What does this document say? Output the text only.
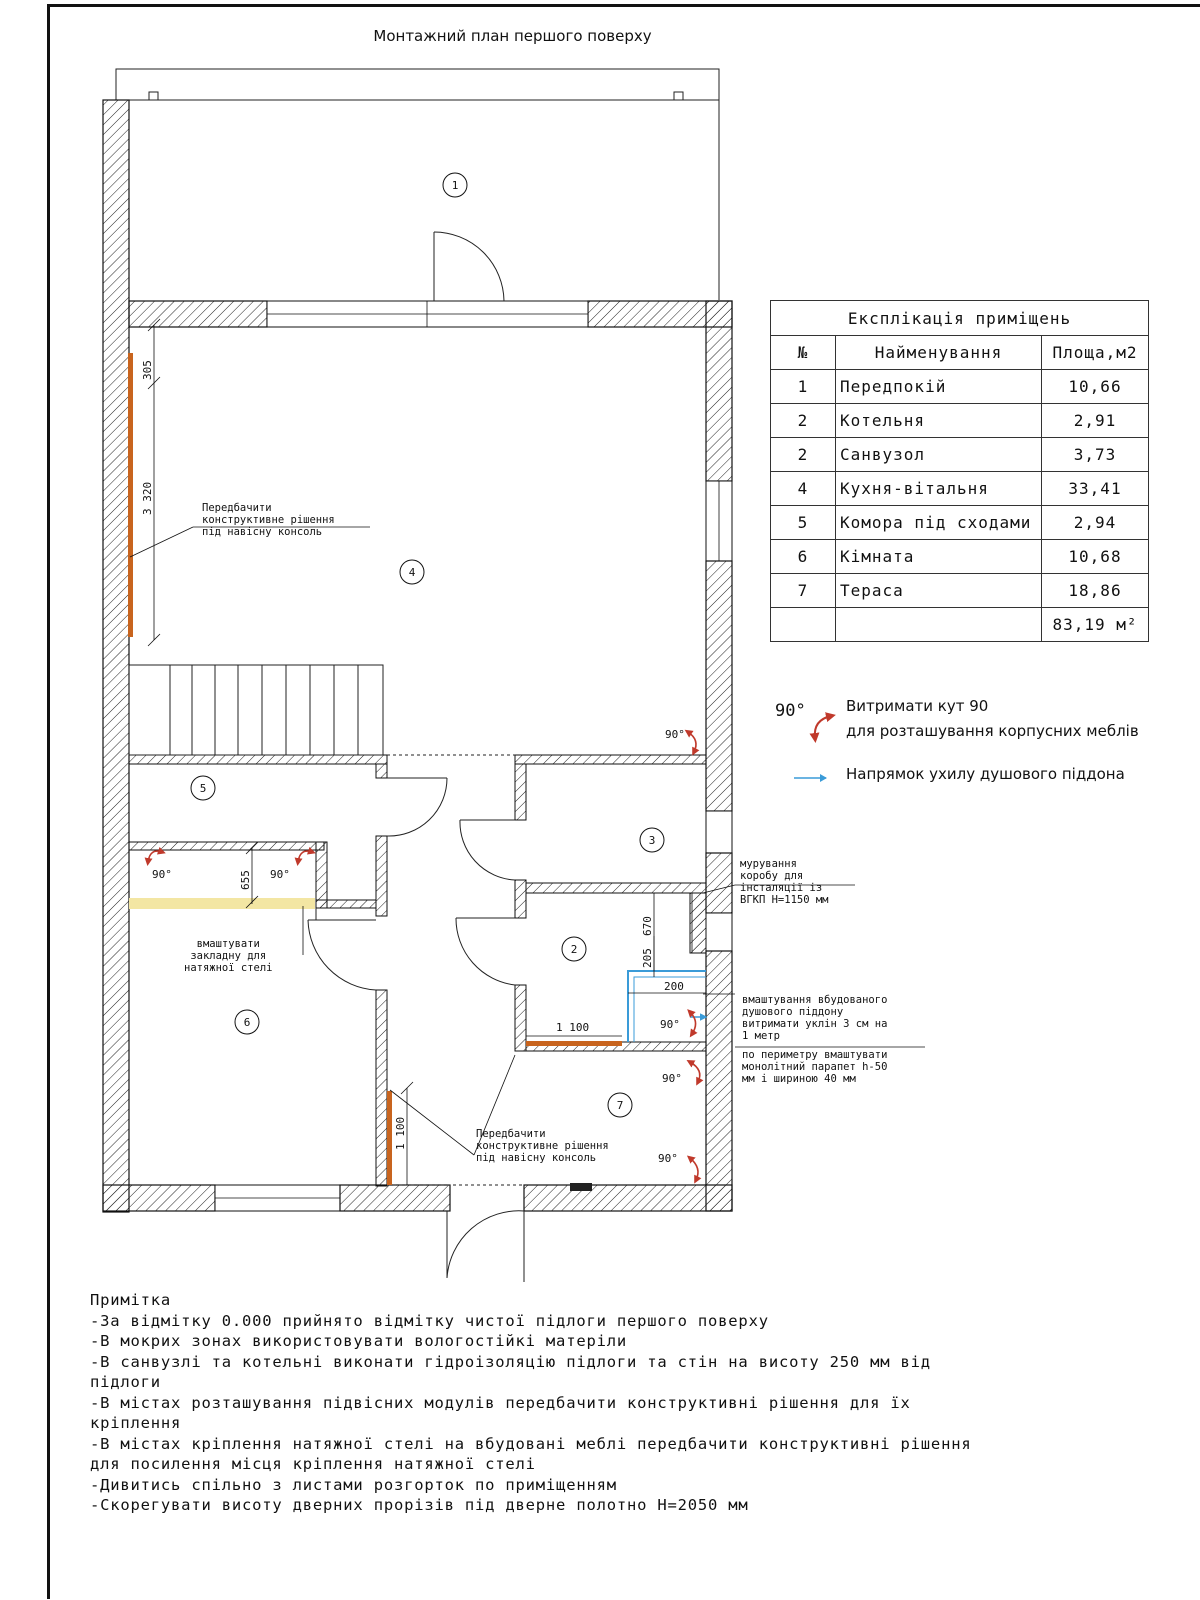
Монтажний план першого поверху
1
4
5
3
2
6
7
305
3 320
655
670
205
200
1 100
1 100
90°
90°	90°
90°
90°
90°
Передбачити
конструктивне рішення
під навісну консоль
Передбачити
конструктивне рішення
під навісну консоль
вмаштувати
закладну для
натяжної стелі
мурування
коробу для
інсталяції із
ВГКП Н=1150 мм
вмаштування вбудованого
душового піддону
витримати уклін 3 см на
1 метр
по периметру вмаштувати
монолітний парапет h-50
мм і шириною 40 мм
Експлікація приміщень		
№	Найменування	Площа,м2
1	Передпокій	10,66
2	Котельня	2,91
2	Санвузол	3,73
4	Кухня-вітальня	33,41
5	Комора під сходами	2,94
6	Кімната	10,68
7	Тераса	18,86
		83,19 м²
90°	Витримати кут 90
для розташування корпусних меблів
Напрямок ухилу душового піддона
Примітка
-За відмітку 0.000 прийнято відмітку чистої підлоги першого поверху
-В мокрих зонах використовувати вологостійкі матеріли
-В санвузлі та котельні виконати гідроізоляцію підлоги та стін на висоту 250 мм від підлоги
-В містах розташування підвісних модулів передбачити конструктивні рішення для їх кріплення
-В містах кріплення натяжної стелі на вбудовані меблі передбачити конструктивні рішення для посилення місця кріплення натяжної стелі
-Дивитись спільно з листами розгорток по приміщенням
-Скорегувати висоту дверних прорізів під дверне полотно Н=2050 мм
